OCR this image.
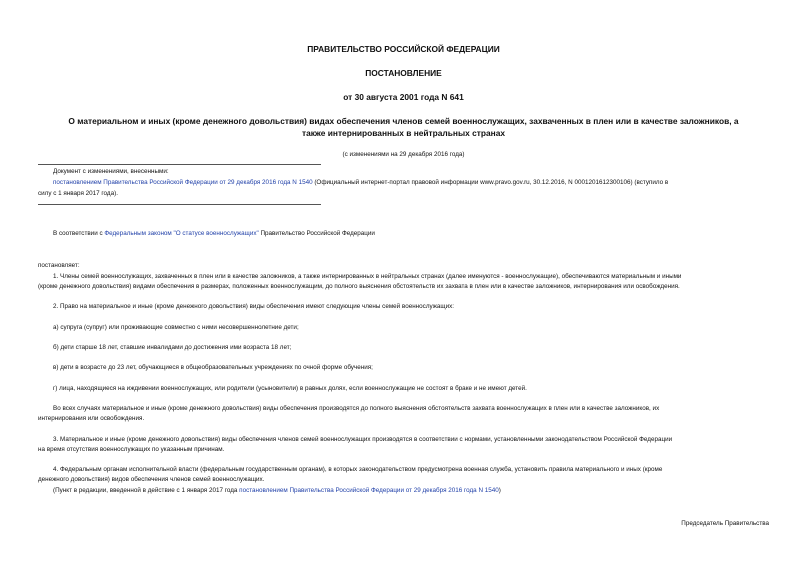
ПРАВИТЕЛЬСТВО РОССИЙСКОЙ ФЕДЕРАЦИИ
ПОСТАНОВЛЕНИЕ
от 30 августа 2001 года N 641
О материальном и иных (кроме денежного довольствия) видах обеспечения членов семей военнослужащих, захваченных в плен или в качестве заложников, а
также интернированных в нейтральных странах
(с изменениями на 29 декабря 2016 года)
Документ с изменениями, внесенными:
постановлением Правительства Российской Федерации от 29 декабря 2016 года N 1540 (Официальный интернет-портал правовой информации www.pravo.gov.ru, 30.12.2016, N 0001201612300106) (вступило в
силу с 1 января 2017 года).
В соответствии с Федеральным законом "О статусе военнослужащих" Правительство Российской Федерации
постановляет:
1. Члены семей военнослужащих, захваченных в плен или в качестве заложников, а также интернированных в нейтральных странах (далее именуются - военнослужащие), обеспечиваются материальным и иными
(кроме денежного довольствия) видами обеспечения в размерах, положенных военнослужащим, до полного выяснения обстоятельств их захвата в плен или в качестве заложников, интернирования или освобождения.
2. Право на материальное и иные (кроме денежного довольствия) виды обеспечения имеют следующие члены семей военнослужащих:
а) супруга (супруг) или проживающие совместно с ними несовершеннолетние дети;
б) дети старше 18 лет, ставшие инвалидами до достижения ими возраста 18 лет;
в) дети в возрасте до 23 лет, обучающиеся в общеобразовательных учреждениях по очной форме обучения;
г) лица, находящиеся на иждивении военнослужащих, или родители (усыновители) в равных долях, если военнослужащие не состоят в браке и не имеют детей.
Во всех случаях материальное и иные (кроме денежного довольствия) виды обеспечения производятся до полного выяснения обстоятельств захвата военнослужащих в плен или в качестве заложников, их
интернирования или освобождения.
3. Материальное и иные (кроме денежного довольствия) виды обеспечения членов семей военнослужащих производятся в соответствии с нормами, установленными законодательством Российской Федерации
на время отсутствия военнослужащих по указанным причинам.
4. Федеральным органам исполнительной власти (федеральным государственным органам), в которых законодательством предусмотрена военная служба, установить правила материального и иных (кроме
денежного довольствия) видов обеспечения членов семей военнослужащих.
(Пункт в редакции, введенной в действие с 1 января 2017 года постановлением Правительства Российской Федерации от 29 декабря 2016 года N 1540)
Председатель Правительства
